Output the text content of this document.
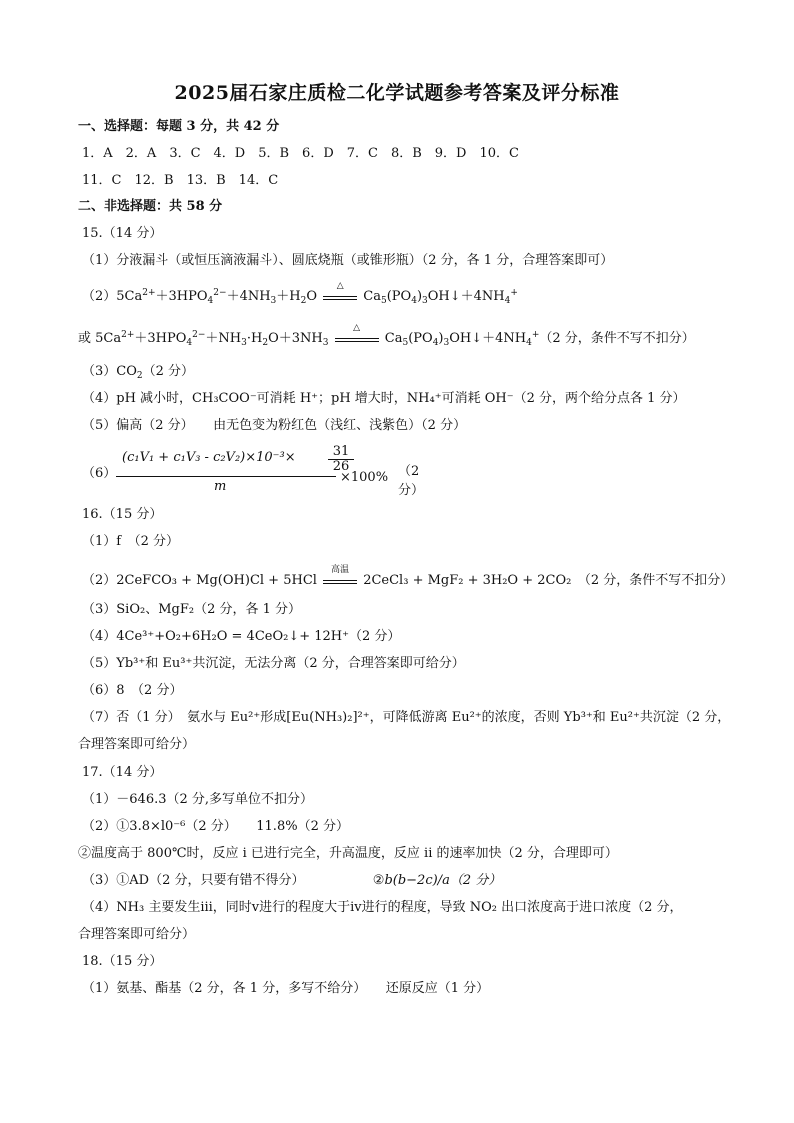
2025届石家庄质检二化学试题参考答案及评分标准
一、选择题：每题 3 分，共 42 分
1．A　2．A　3．C　4．D　5．B　6．D　7．C　8．B　9．D　10．C
11．C　12．B　13．B　14．C
二、非选择题：共 58 分
15.（14 分）
（1）分液漏斗（或恒压滴液漏斗）、圆底烧瓶（或锥形瓶）（2 分，各 1 分，合理答案即可）
$(2)5Ca^{2+}+3HPO_4^{2-}+4NH_3+H_2O$
△
$Ca_5(PO_4)_3OH↓+4NH_4^+$
或 $5Ca^{2+}+3HPO_4^{2-}+NH_3\cdot H_2O+3NH_3$
△
$Ca_5(PO_4)_3OH↓+4NH_4^+(2$ 分，条件不写不扣分）
$(3)CO_2(2$ 分）
（4）pH 减小时，CH₃COO⁻可消耗 H⁺；pH 增大时，NH₄⁺可消耗 OH⁻（2 分，两个给分点各 1 分）
（5）偏高（2 分）　　由无色变为粉红色（浅红、浅紫色）（2 分）
（6）
(c₁V₁ + c₁V₃ - c₂V₂)×10⁻³×	31
26
m
×100% （2 分）
16.（15 分）
（1）f　（2 分）
（2）2CeFCO₃ + Mg(OH)Cl + 5HCl
高温
2CeCl₃ + MgF₂ + 3H₂O + 2CO₂　（2 分，条件不写不扣分）
（3）SiO₂、MgF₂（2 分，各 1 分）
（4）4Ce³⁺+O₂+6H₂O = 4CeO₂↓+ 12H⁺（2 分）
（5）Yb³⁺和 Eu³⁺共沉淀，无法分离（2 分，合理答案即可给分）
（6）8　（2 分）
（7）否（1 分）　氨水与 Eu²⁺形成[Eu(NH₃)₂]²⁺，可降低游离 Eu²⁺的浓度，否则 Yb³⁺和 Eu²⁺共沉淀（2 分，
合理答案即可给分）
17.（14 分）
（1）－646.3（2 分,多写单位不扣分）
（2）①3.8×l0⁻⁶（2 分）　　11.8%（2 分）
②温度高于 800℃时，反应 i 已进行完全，升高温度，反应 ii 的速率加快（2 分，合理即可）
（3）①AD（2 分，只要有错不得分）	②b(b−2c)/a（2 分）
（4）NH₃ 主要发生iii，同时v进行的程度大于iv进行的程度，导致 NO₂ 出口浓度高于进口浓度（2 分，
合理答案即可给分）
18.（15 分）
（1）氨基、酯基（2 分，各 1 分，多写不给分）　　还原反应（1 分）
